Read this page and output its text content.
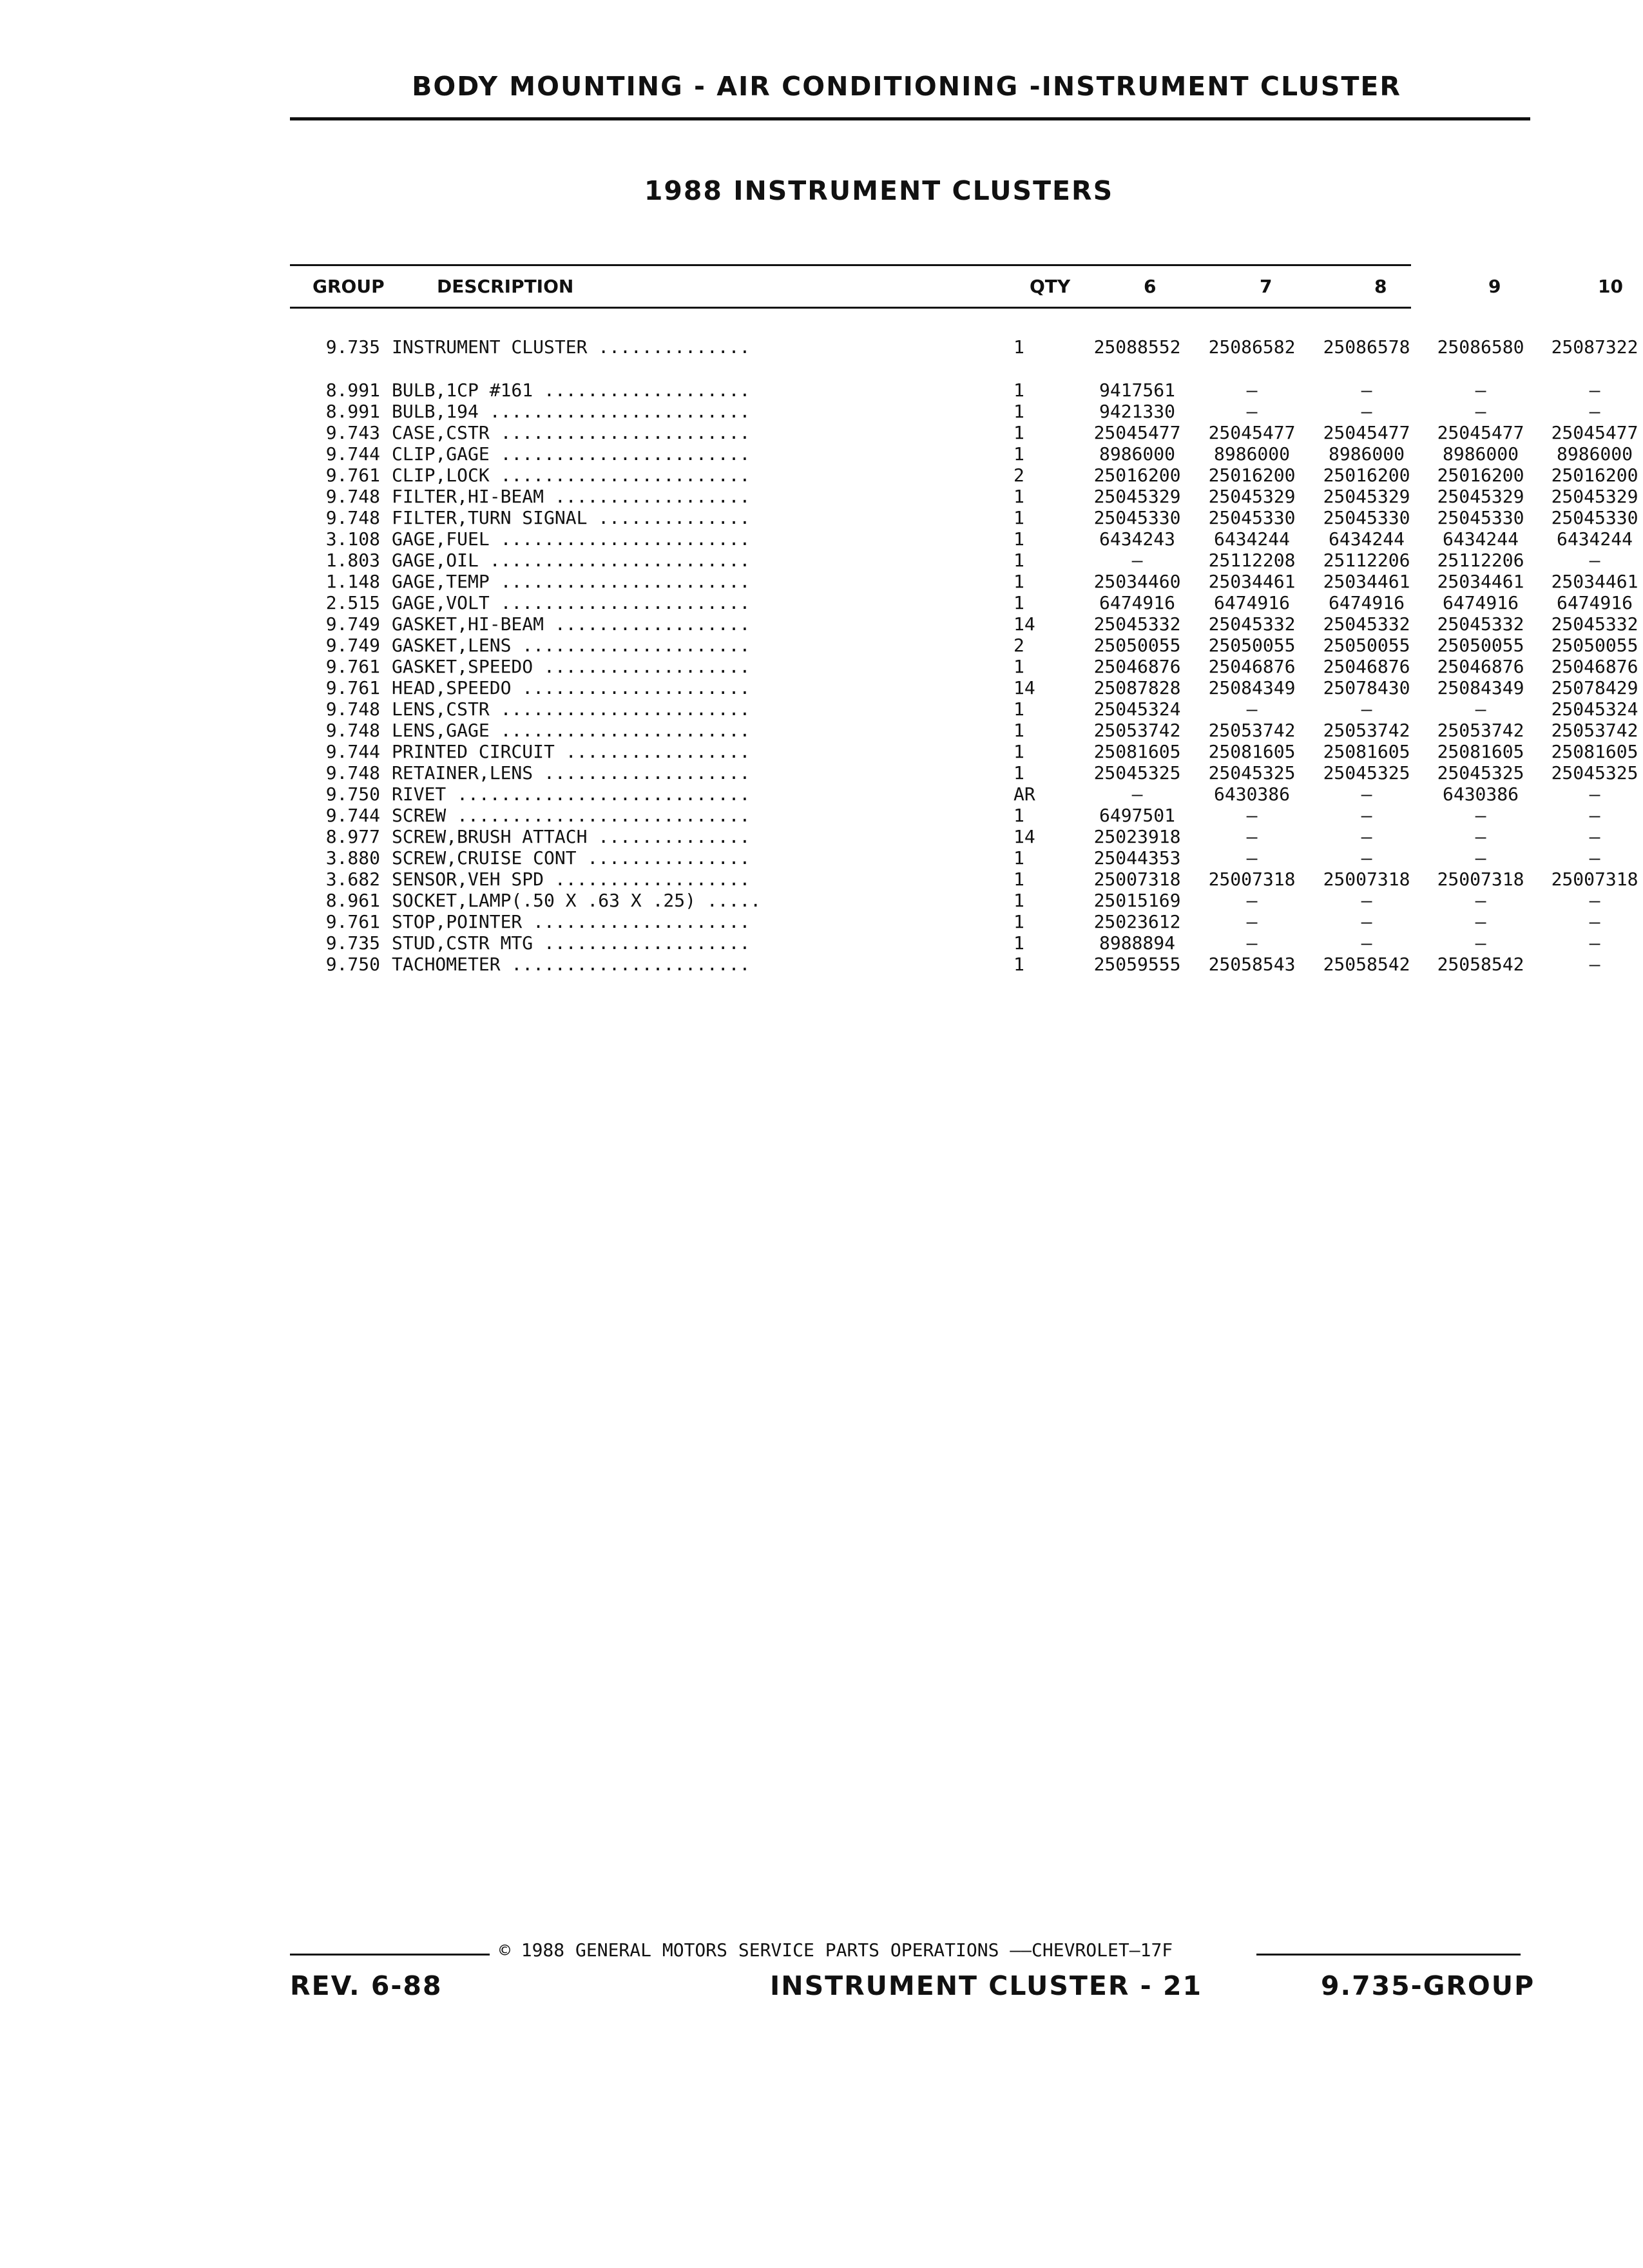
BODY MOUNTING - AIR CONDITIONING -INSTRUMENT CLUSTER
1988 INSTRUMENT CLUSTERS
GROUP	DESCRIPTION	QTY	6	7	8	9	10
9.735 INSTRUMENT CLUSTER ..............	1	25088552 25086582 25086578 25086580 25087322
8.991 BULB,1CP #161 ...................	1	9417561	—	—	—	—
8.991 BULB,194 ........................	1	9421330	—	—	—	—
9.743 CASE,CSTR .......................	1	25045477 25045477 25045477 25045477 25045477
9.744 CLIP,GAGE .......................	1	8986000	8986000	8986000	8986000	8986000
9.761 CLIP,LOCK .......................	2	25016200 25016200 25016200 25016200 25016200
9.748 FILTER,HI-BEAM ..................	1	25045329 25045329 25045329 25045329 25045329
9.748 FILTER,TURN SIGNAL ..............	1	25045330 25045330 25045330 25045330 25045330
3.108 GAGE,FUEL .......................	1	6434243	6434244	6434244	6434244	6434244
1.803 GAGE,OIL ........................	1	—	25112208 25112206 25112206	—
1.148 GAGE,TEMP .......................	1	25034460 25034461 25034461 25034461 25034461
2.515 GAGE,VOLT .......................	1	6474916	6474916	6474916	6474916	6474916
9.749 GASKET,HI-BEAM ..................	14	25045332 25045332 25045332 25045332 25045332
9.749 GASKET,LENS .....................	2	25050055 25050055 25050055 25050055 25050055
9.761 GASKET,SPEEDO ...................	1	25046876 25046876 25046876 25046876 25046876
9.761 HEAD,SPEEDO .....................	14	25087828 25084349 25078430 25084349 25078429
9.748 LENS,CSTR .......................	1	25045324	—	—	—	25045324
9.748 LENS,GAGE .......................	1	25053742 25053742 25053742 25053742 25053742
9.744 PRINTED CIRCUIT .................	1	25081605 25081605 25081605 25081605 25081605
9.748 RETAINER,LENS ...................	1	25045325 25045325 25045325 25045325 25045325
9.750 RIVET ...........................	AR	—	6430386	—	6430386	—
9.744 SCREW ...........................	1	6497501	—	—	—	—
8.977 SCREW,BRUSH ATTACH ..............	14	25023918	—	—	—	—
3.880 SCREW,CRUISE CONT ...............	1	25044353	—	—	—	—
3.682 SENSOR,VEH SPD ..................	1	25007318 25007318 25007318 25007318 25007318
8.961 SOCKET,LAMP(.50 X .63 X .25) .....	1	25015169	—	—	—	—
9.761 STOP,POINTER ....................	1	25023612	—	—	—	—
9.735 STUD,CSTR MTG ...................	1	8988894	—	—	—	—
9.750 TACHOMETER ......................	1	25059555 25058543 25058542 25058542	—
© 1988 GENERAL MOTORS SERVICE PARTS OPERATIONS ——CHEVROLET—17F
REV. 6-88	INSTRUMENT CLUSTER - 21	9.735-GROUP
